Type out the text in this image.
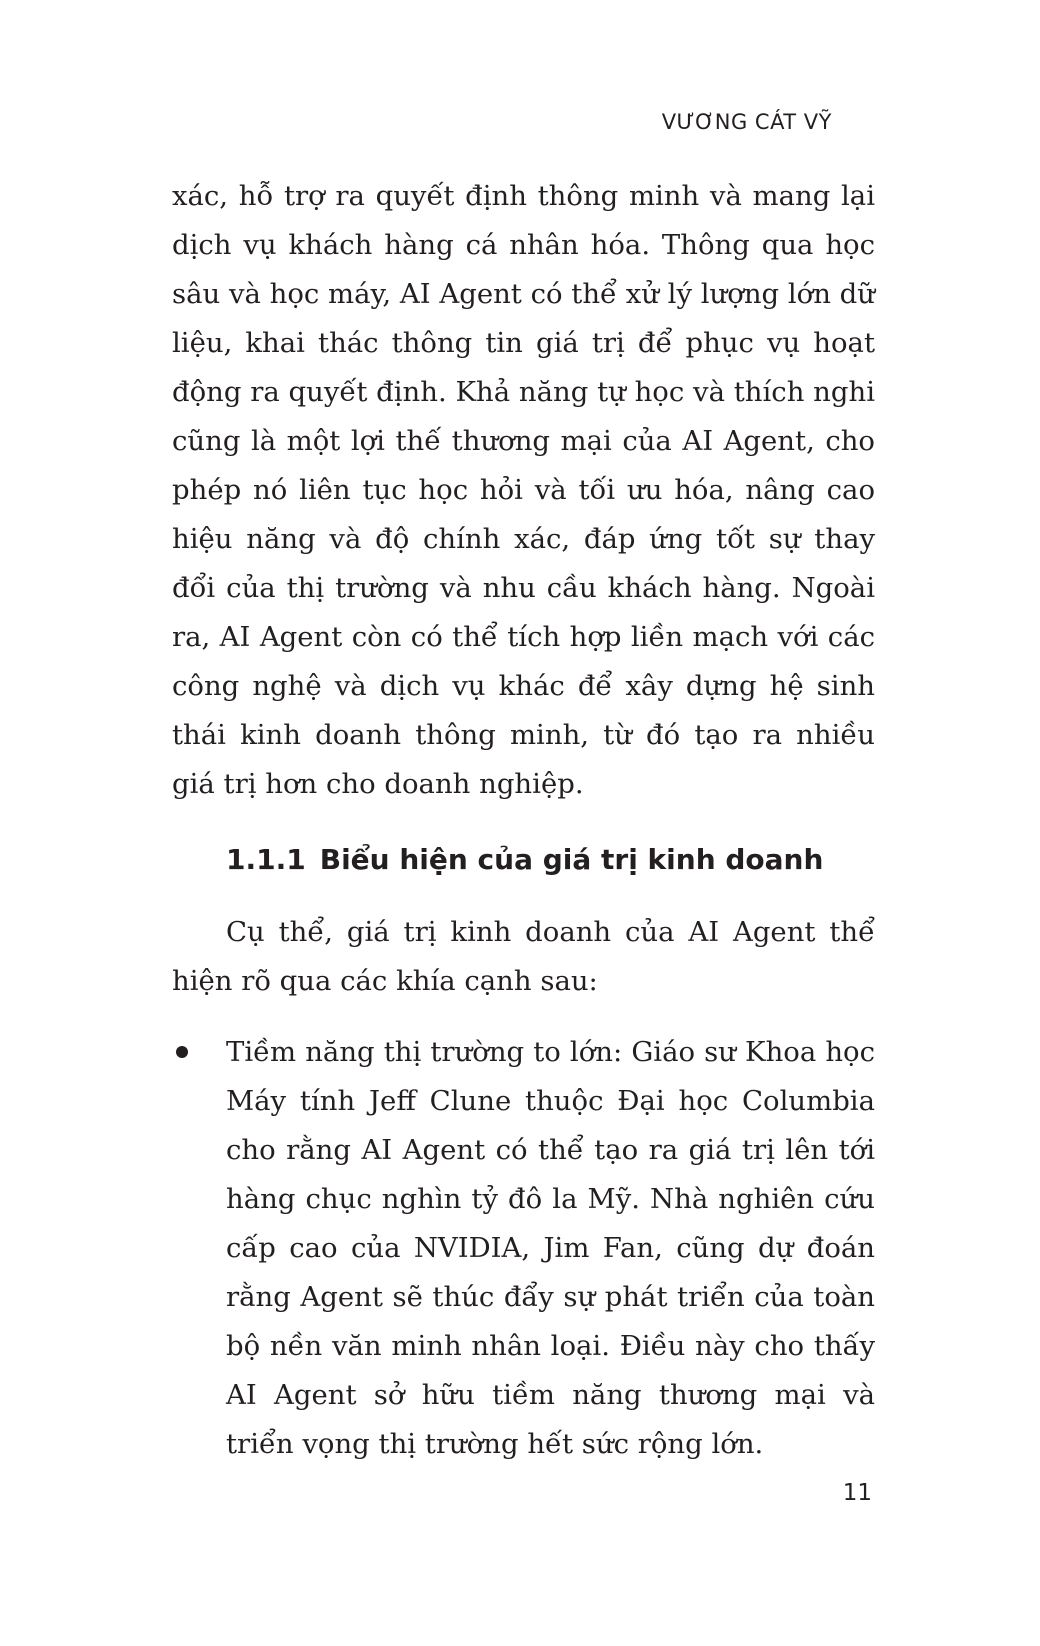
VƯƠNG CÁT VỸ

xác, hỗ trợ ra quyết định thông minh và mang lại dịch vụ khách hàng cá nhân hóa. Thông qua học sâu và học máy, AI Agent có thể xử lý lượng lớn dữ liệu, khai thác thông tin giá trị để phục vụ hoạt động ra quyết định. Khả năng tự học và thích nghi cũng là một lợi thế thương mại của AI Agent, cho phép nó liên tục học hỏi và tối ưu hóa, nâng cao hiệu năng và độ chính xác, đáp ứng tốt sự thay đổi của thị trường và nhu cầu khách hàng. Ngoài ra, AI Agent còn có thể tích hợp liền mạch với các công nghệ và dịch vụ khác để xây dựng hệ sinh thái kinh doanh thông minh, từ đó tạo ra nhiều giá trị hơn cho doanh nghiệp.

1.1.1 Biểu hiện của giá trị kinh doanh

Cụ thể, giá trị kinh doanh của AI Agent thể hiện rõ qua các khía cạnh sau:

Tiềm năng thị trường to lớn: Giáo sư Khoa học Máy tính Jeff Clune thuộc Đại học Columbia cho rằng AI Agent có thể tạo ra giá trị lên tới hàng chục nghìn tỷ đô la Mỹ. Nhà nghiên cứu cấp cao của NVIDIA, Jim Fan, cũng dự đoán rằng Agent sẽ thúc đẩy sự phát triển của toàn bộ nền văn minh nhân loại. Điều này cho thấy AI Agent sở hữu tiềm năng thương mại và triển vọng thị trường hết sức rộng lớn.
11
